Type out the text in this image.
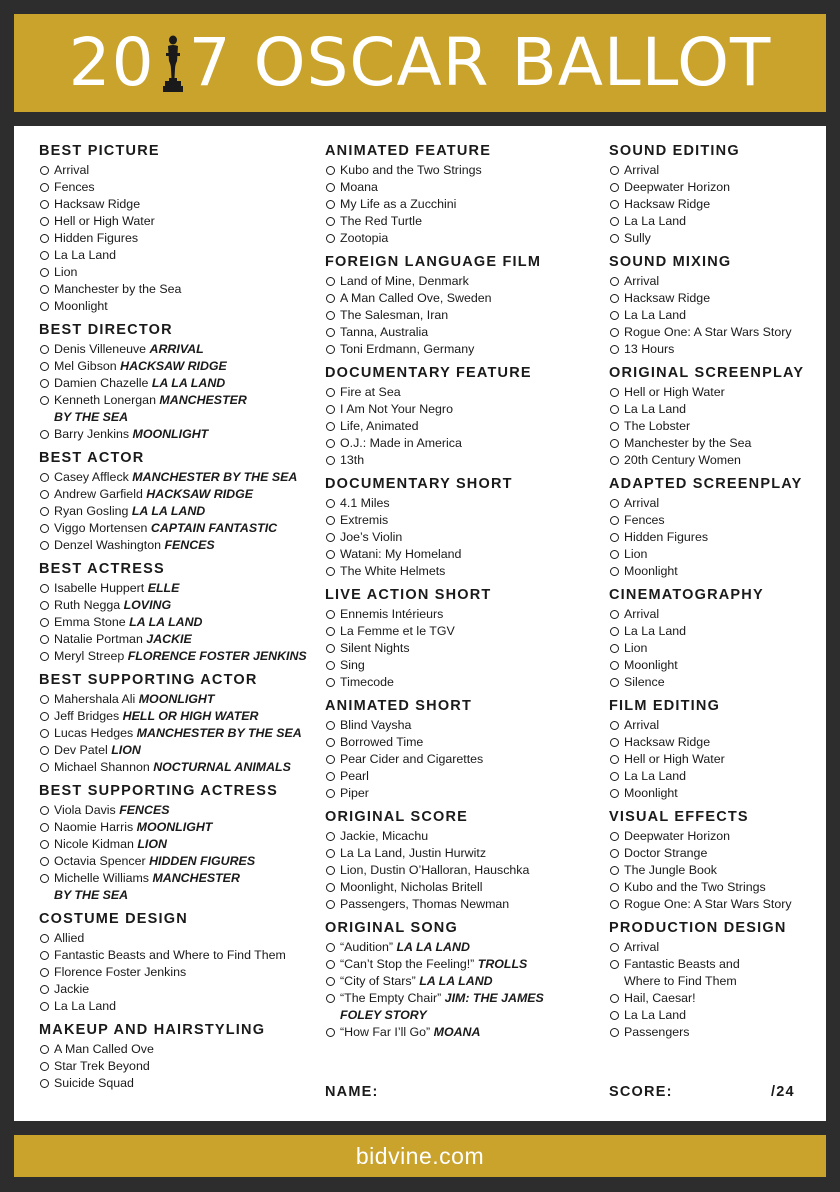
20 7 OSCAR BALLOT
BEST PICTURE
Arrival
Fences
Hacksaw Ridge
Hell or High Water
Hidden Figures
La La Land
Lion
Manchester by the Sea
Moonlight
BEST DIRECTOR
Denis Villeneuve ARRIVAL
Mel Gibson HACKSAW RIDGE
Damien Chazelle LA LA LAND
Kenneth Lonergan MANCHESTER
BY THE SEA
Barry Jenkins MOONLIGHT
BEST ACTOR
Casey Affleck MANCHESTER BY THE SEA
Andrew Garfield HACKSAW RIDGE
Ryan Gosling LA LA LAND
Viggo Mortensen CAPTAIN FANTASTIC
Denzel Washington FENCES
BEST ACTRESS
Isabelle Huppert ELLE
Ruth Negga LOVING
Emma Stone LA LA LAND
Natalie Portman JACKIE
Meryl Streep FLORENCE FOSTER JENKINS
BEST SUPPORTING ACTOR
Mahershala Ali MOONLIGHT
Jeff Bridges HELL OR HIGH WATER
Lucas Hedges MANCHESTER BY THE SEA
Dev Patel LION
Michael Shannon NOCTURNAL ANIMALS
BEST SUPPORTING ACTRESS
Viola Davis FENCES
Naomie Harris MOONLIGHT
Nicole Kidman LION
Octavia Spencer HIDDEN FIGURES
Michelle Williams MANCHESTER
BY THE SEA
COSTUME DESIGN
Allied
Fantastic Beasts and Where to Find Them
Florence Foster Jenkins
Jackie
La La Land
MAKEUP AND HAIRSTYLING
A Man Called Ove
Star Trek Beyond
Suicide Squad
ANIMATED FEATURE
Kubo and the Two Strings
Moana
My Life as a Zucchini
The Red Turtle
Zootopia
FOREIGN LANGUAGE FILM
Land of Mine, Denmark
A Man Called Ove, Sweden
The Salesman, Iran
Tanna, Australia
Toni Erdmann, Germany
DOCUMENTARY FEATURE
Fire at Sea
I Am Not Your Negro
Life, Animated
O.J.: Made in America
13th
DOCUMENTARY SHORT
4.1 Miles
Extremis
Joe’s Violin
Watani: My Homeland
The White Helmets
LIVE ACTION SHORT
Ennemis Intérieurs
La Femme et le TGV
Silent Nights
Sing
Timecode
ANIMATED SHORT
Blind Vaysha
Borrowed Time
Pear Cider and Cigarettes
Pearl
Piper
ORIGINAL SCORE
Jackie, Micachu
La La Land, Justin Hurwitz
Lion, Dustin O’Halloran, Hauschka
Moonlight, Nicholas Britell
Passengers, Thomas Newman
ORIGINAL SONG
“Audition” LA LA LAND
“Can’t Stop the Feeling!” TROLLS
“City of Stars” LA LA LAND
“The Empty Chair” JIM: THE JAMES
FOLEY STORY
“How Far I’ll Go” MOANA
SOUND EDITING
Arrival
Deepwater Horizon
Hacksaw Ridge
La La Land
Sully
SOUND MIXING
Arrival
Hacksaw Ridge
La La Land
Rogue One: A Star Wars Story
13 Hours
ORIGINAL SCREENPLAY
Hell or High Water
La La Land
The Lobster
Manchester by the Sea
20th Century Women
ADAPTED SCREENPLAY
Arrival
Fences
Hidden Figures
Lion
Moonlight
CINEMATOGRAPHY
Arrival
La La Land
Lion
Moonlight
Silence
FILM EDITING
Arrival
Hacksaw Ridge
Hell or High Water
La La Land
Moonlight
VISUAL EFFECTS
Deepwater Horizon
Doctor Strange
The Jungle Book
Kubo and the Two Strings
Rogue One: A Star Wars Story
PRODUCTION DESIGN
Arrival
Fantastic Beasts and
Where to Find Them
Hail, Caesar!
La La Land
Passengers
NAME:	SCORE:	/24
bidvine.com
